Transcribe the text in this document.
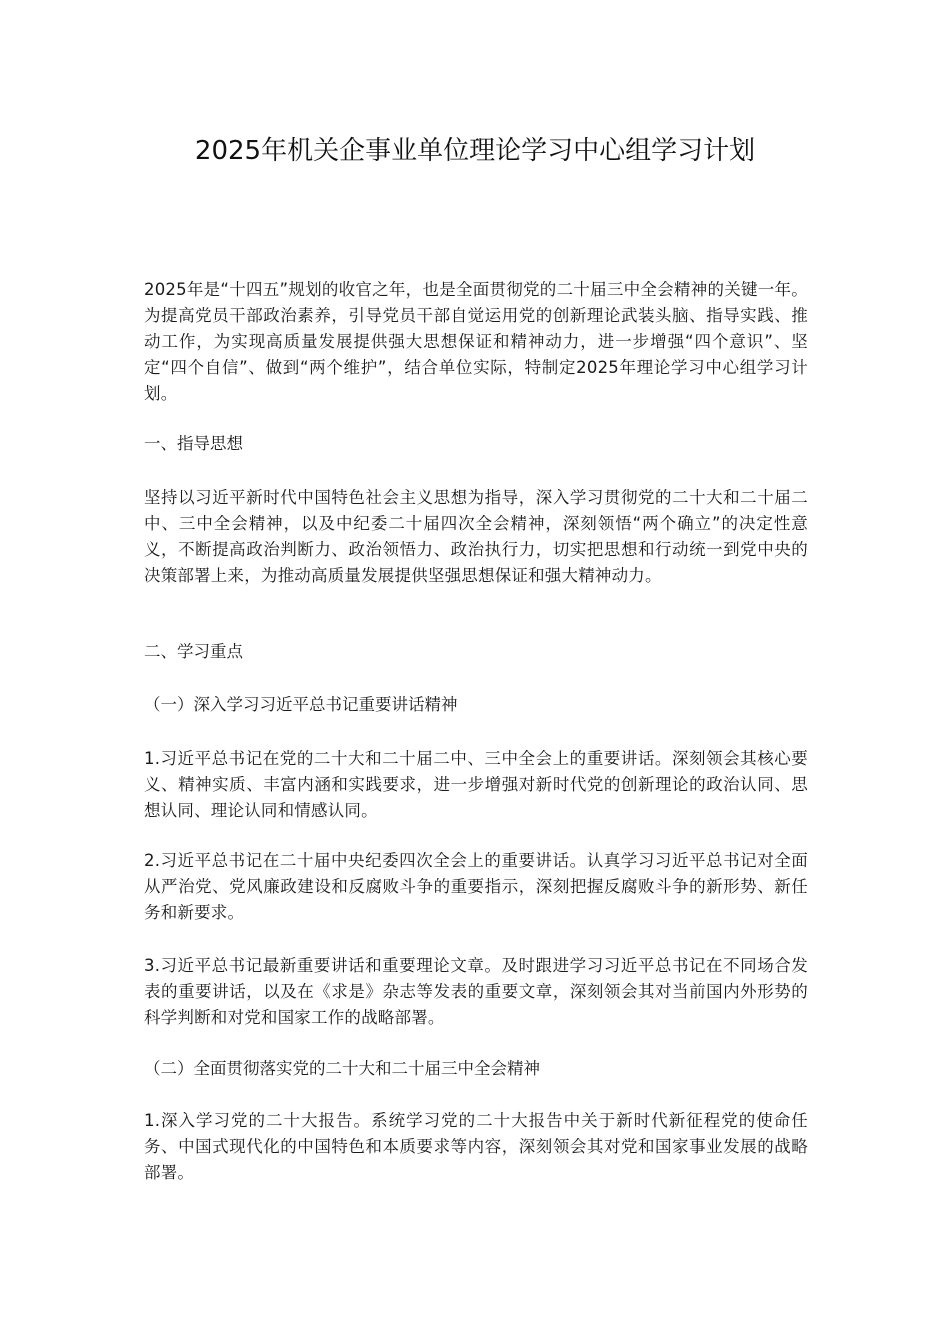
2025年机关企事业单位理论学习中心组学习计划

2025年是“十四五”规划的收官之年，也是全面贯彻党的二十届三中全会精神的关键一年。为提高党员干部政治素养，引导党员干部自觉运用党的创新理论武装头脑、指导实践、推动工作，为实现高质量发展提供强大思想保证和精神动力，进一步增强“四个意识”、坚定“四个自信”、做到“两个维护”，结合单位实际，特制定2025年理论学习中心组学习计划。

一、指导思想

坚持以习近平新时代中国特色社会主义思想为指导，深入学习贯彻党的二十大和二十届二中、三中全会精神，以及中纪委二十届四次全会精神，深刻领悟“两个确立”的决定性意义，不断提高政治判断力、政治领悟力、政治执行力，切实把思想和行动统一到党中央的决策部署上来，为推动高质量发展提供坚强思想保证和强大精神动力。

二、学习重点

（一）深入学习习近平总书记重要讲话精神

1.习近平总书记在党的二十大和二十届二中、三中全会上的重要讲话。深刻领会其核心要义、精神实质、丰富内涵和实践要求，进一步增强对新时代党的创新理论的政治认同、思想认同、理论认同和情感认同。

2.习近平总书记在二十届中央纪委四次全会上的重要讲话。认真学习习近平总书记对全面从严治党、党风廉政建设和反腐败斗争的重要指示，深刻把握反腐败斗争的新形势、新任务和新要求。

3.习近平总书记最新重要讲话和重要理论文章。及时跟进学习习近平总书记在不同场合发表的重要讲话，以及在《求是》杂志等发表的重要文章，深刻领会其对当前国内外形势的科学判断和对党和国家工作的战略部署。

（二）全面贯彻落实党的二十大和二十届三中全会精神

1.深入学习党的二十大报告。系统学习党的二十大报告中关于新时代新征程党的使命任务、中国式现代化的中国特色和本质要求等内容，深刻领会其对党和国家事业发展的战略部署。
